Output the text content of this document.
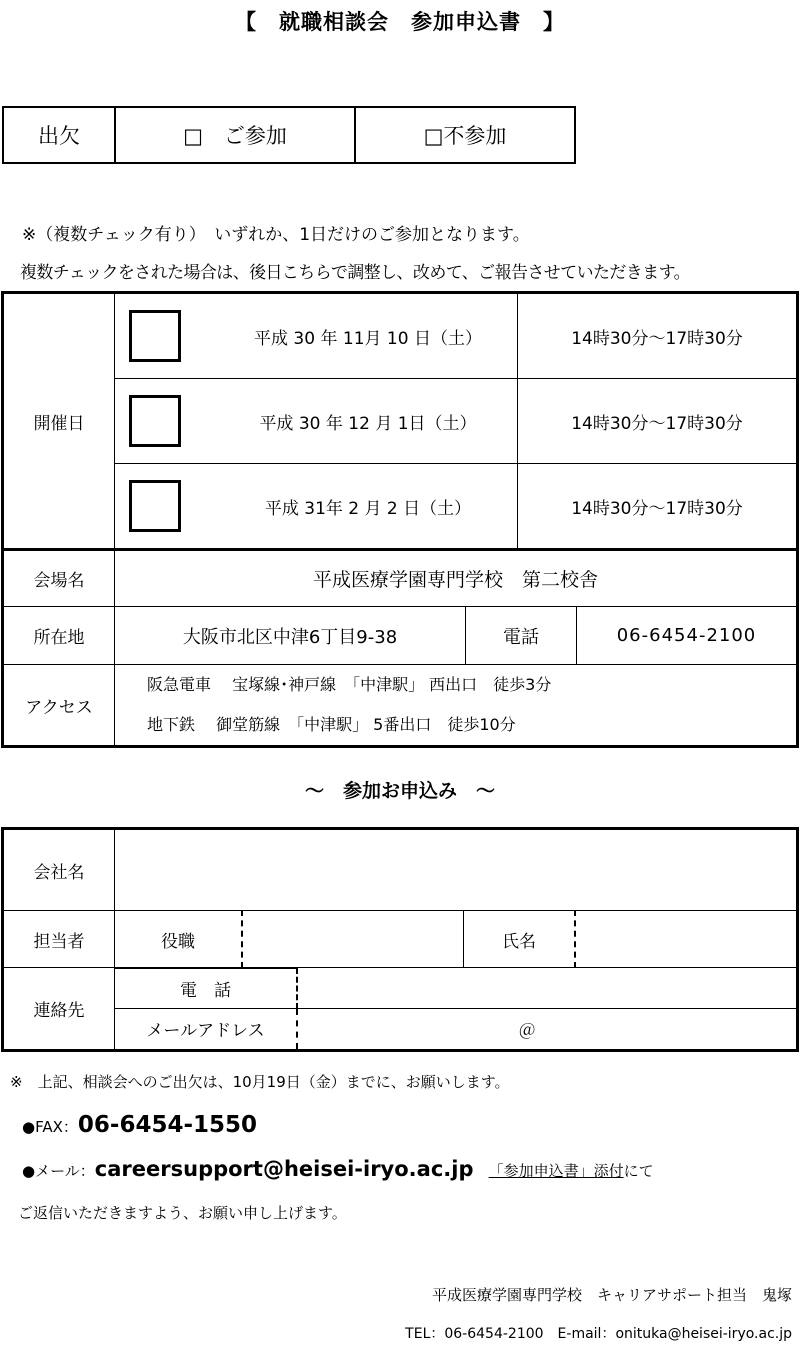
【　就職相談会　参加申込書　】
出欠	□　ご参加	□不参加
※（複数チェック有り）　いずれか、1日だけのご参加となります。
複数チェックをされた場合は、後日こちらで調整し、改めて、ご報告させていただきます。
開催日	
平成 30 年 11月 10 日（土）	14時30分～17時30分

平成 30 年 12 月 1日（土）	14時30分～17時30分

平成 31年 2 月 2 日（土）	14時30分～17時30分
会場名	平成医療学園専門学校　第二校舎
所在地		大阪市北区中津6丁目9-38	電話	06-6454-2100

アクセス	
阪急電車　 宝塚線･神戸線　「中津駅」 西出口　徒歩3分
地下鉄　 御堂筋線　「中津駅」 5番出口　徒歩10分
～　参加お申込み　～
会社名	
担当者	役職		氏名	

連絡先	電　話	
メールアドレス	＠
※　上記、相談会へのご出欠は、10月19日（金）までに、お願いします。
●FAX：06-6454-1550
●メール：careersupport@heisei-iryo.ac.jp 「参加申込書」添付にて
ご返信いただきますよう、お願い申し上げます。
平成医療学園専門学校　キャリアサポート担当　鬼塚
TEL：06-6454-2100　E-mail：onituka@heisei-iryo.ac.jp
